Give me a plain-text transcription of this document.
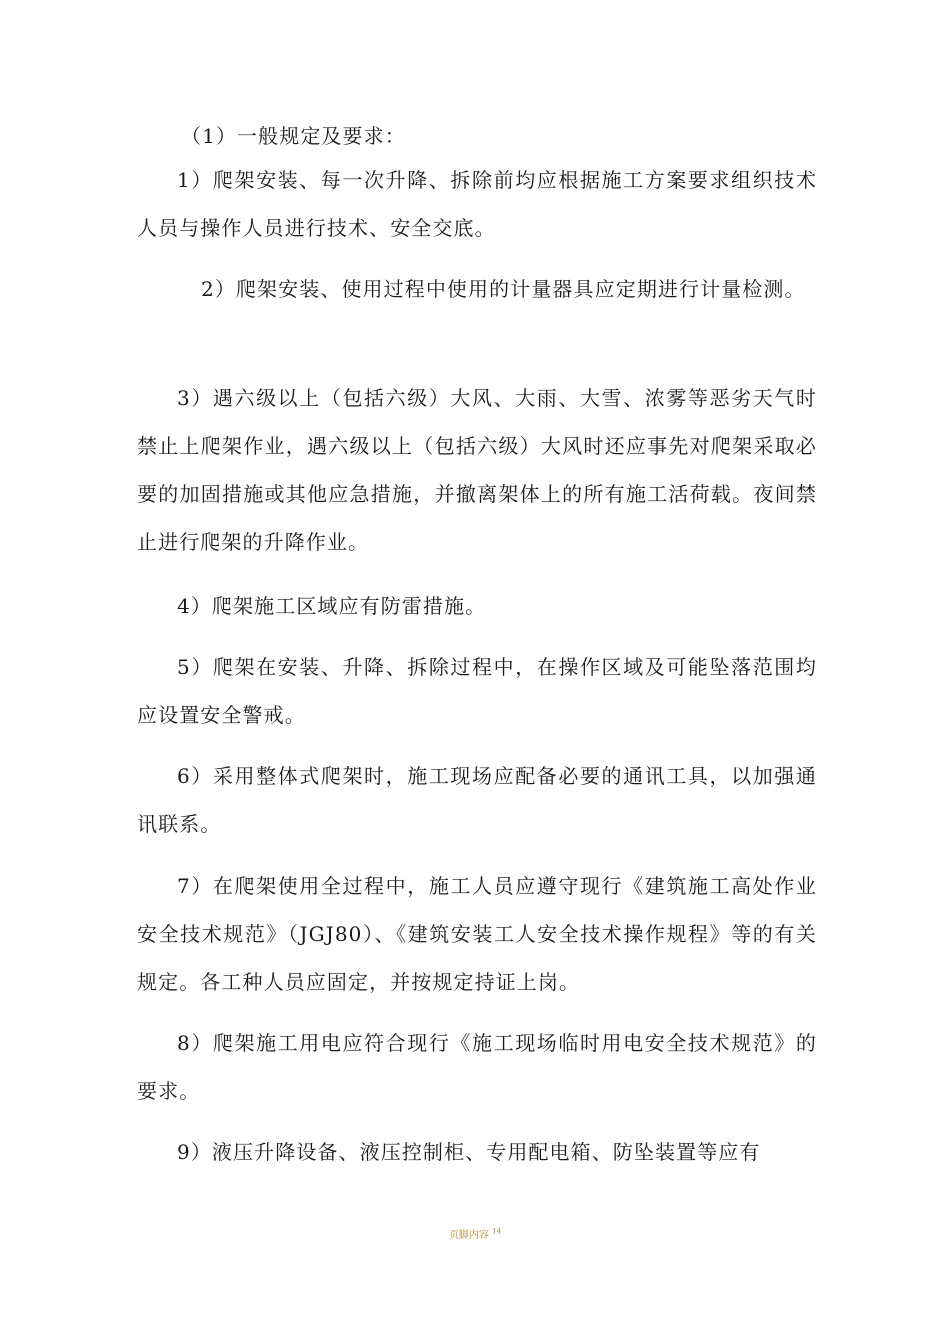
（1）一般规定及要求：

1）爬架安装、每一次升降、拆除前均应根据施工方案要求组织技术人员与操作人员进行技术、安全交底。

2）爬架安装、使用过程中使用的计量器具应定期进行计量检测。

3）遇六级以上（包括六级）大风、大雨、大雪、浓雾等恶劣天气时禁止上爬架作业，遇六级以上（包括六级）大风时还应事先对爬架采取必要的加固措施或其他应急措施，并撤离架体上的所有施工活荷载。夜间禁止进行爬架的升降作业。

4）爬架施工区域应有防雷措施。

5）爬架在安装、升降、拆除过程中，在操作区域及可能坠落范围均应设置安全警戒。

6）采用整体式爬架时，施工现场应配备必要的通讯工具，以加强通讯联系。

7）在爬架使用全过程中，施工人员应遵守现行《建筑施工高处作业安全技术规范》（JGJ80）、《建筑安装工人安全技术操作规程》等的有关规定。各工种人员应固定，并按规定持证上岗。

8）爬架施工用电应符合现行《施工现场临时用电安全技术规范》的要求。

9）液压升降设备、液压控制柜、专用配电箱、防坠装置等应有

页脚内容 $^{14}$
